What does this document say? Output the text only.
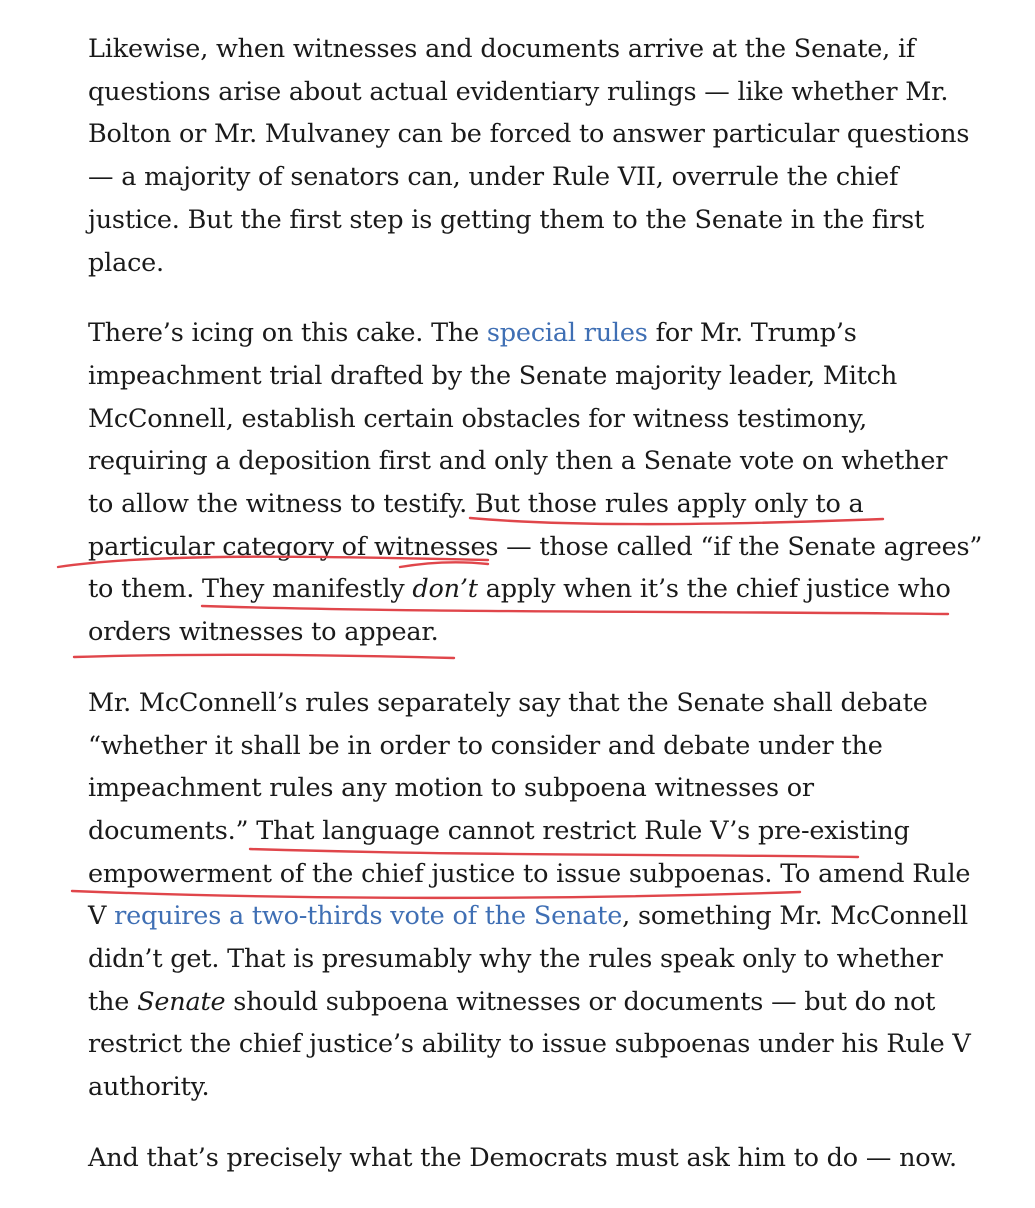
Likewise, when witnesses and documents arrive at the Senate, if
questions arise about actual evidentiary rulings — like whether Mr.
Bolton or Mr. Mulvaney can be forced to answer particular questions
— a majority of senators can, under Rule VII, overrule the chief
justice. But the first step is getting them to the Senate in the first
place.

There’s icing on this cake. The special rules for Mr. Trump’s
impeachment trial drafted by the Senate majority leader, Mitch
McConnell, establish certain obstacles for witness testimony,
requiring a deposition first and only then a Senate vote on whether
to allow the witness to testify. But those rules apply only to a
particular category of witnesses — those called “if the Senate agrees”
to them. They manifestly don’t apply when it’s the chief justice who
orders witnesses to appear.

Mr. McConnell’s rules separately say that the Senate shall debate
“whether it shall be in order to consider and debate under the
impeachment rules any motion to subpoena witnesses or
documents.” That language cannot restrict Rule V’s pre-existing
empowerment of the chief justice to issue subpoenas. To amend Rule
V requires a two-thirds vote of the Senate, something Mr. McConnell
didn’t get. That is presumably why the rules speak only to whether
the Senate should subpoena witnesses or documents — but do not
restrict the chief justice’s ability to issue subpoenas under his Rule V
authority.

And that’s precisely what the Democrats must ask him to do — now.
